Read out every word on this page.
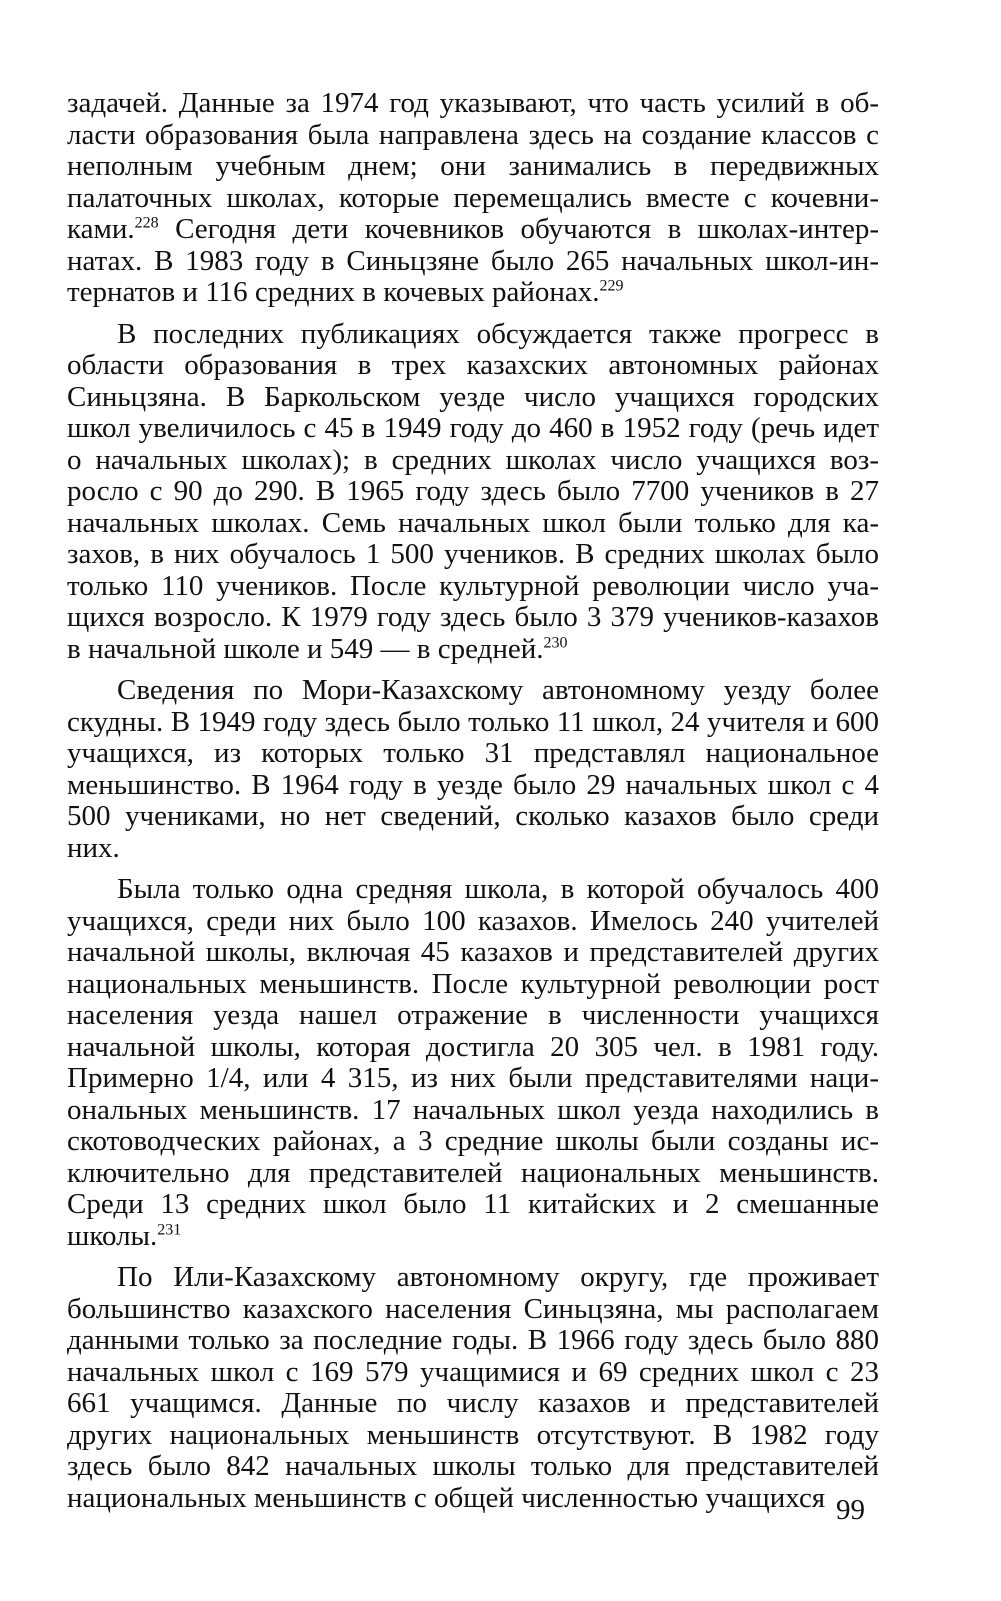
задачей. Данные за 1974 год указывают, что часть усилий в области образования была направлена здесь на создание классов с неполным учебным днем; они занимались в передвижных палаточных школах, которые перемещались вместе с кочевниками.$^{228}$ Сегодня дети кочевников обучаются в школах-интернатах. В 1983 году в Синьцзяне было 265 начальных школ-интернатов и 116 средних в кочевых районах.$^{229}$

В последних публикациях обсуждается также прогресс в области образования в трех казахских автономных районах Синьцзяна. В Баркольском уезде число учащихся городских школ увеличилось с 45 в 1949 году до 460 в 1952 году (речь идет о начальных школах); в средних школах число учащихся возросло с 90 до 290. В 1965 году здесь было 7700 учеников в 27 начальных школах. Семь начальных школ были только для казахов, в них обучалось 1 500 учеников. В средних школах было только 110 учеников. После культурной революции число учащихся возросло. К 1979 году здесь было 3 379 учеников-казахов в начальной школе и 549 — в средней.$^{230}$

Сведения по Мори-Казахскому автономному уезду более скудны. В 1949 году здесь было только 11 школ, 24 учителя и 600 учащихся, из которых только 31 представлял национальное меньшинство. В 1964 году в уезде было 29 начальных школ с 4 500 учениками, но нет сведений, сколько казахов было среди них.

Была только одна средняя школа, в которой обучалось 400 учащихся, среди них было 100 казахов. Имелось 240 учителей начальной школы, включая 45 казахов и представителей других национальных меньшинств. После культурной революции рост населения уезда нашел отражение в численности учащихся начальной школы, которая достигла 20 305 чел. в 1981 году. Примерно 1/4, или 4 315, из них были представителями национальных меньшинств. 17 начальных школ уезда находились в скотоводческих районах, а 3 средние школы были созданы исключительно для представителей национальных меньшинств. Среди 13 средних школ было 11 китайских и 2 смешанные школы.$^{231}$

По Или-Казахскому автономному округу, где проживает большинство казахского населения Синьцзяна, мы располагаем данными только за последние годы. В 1966 году здесь было 880 начальных школ с 169 579 учащимися и 69 средних школ с 23 661 учащимся. Данные по числу казахов и представителей других национальных меньшинств отсутствуют. В 1982 году здесь было 842 начальных школы только для представителей национальных меньшинств с общей численностью учащихся 99
